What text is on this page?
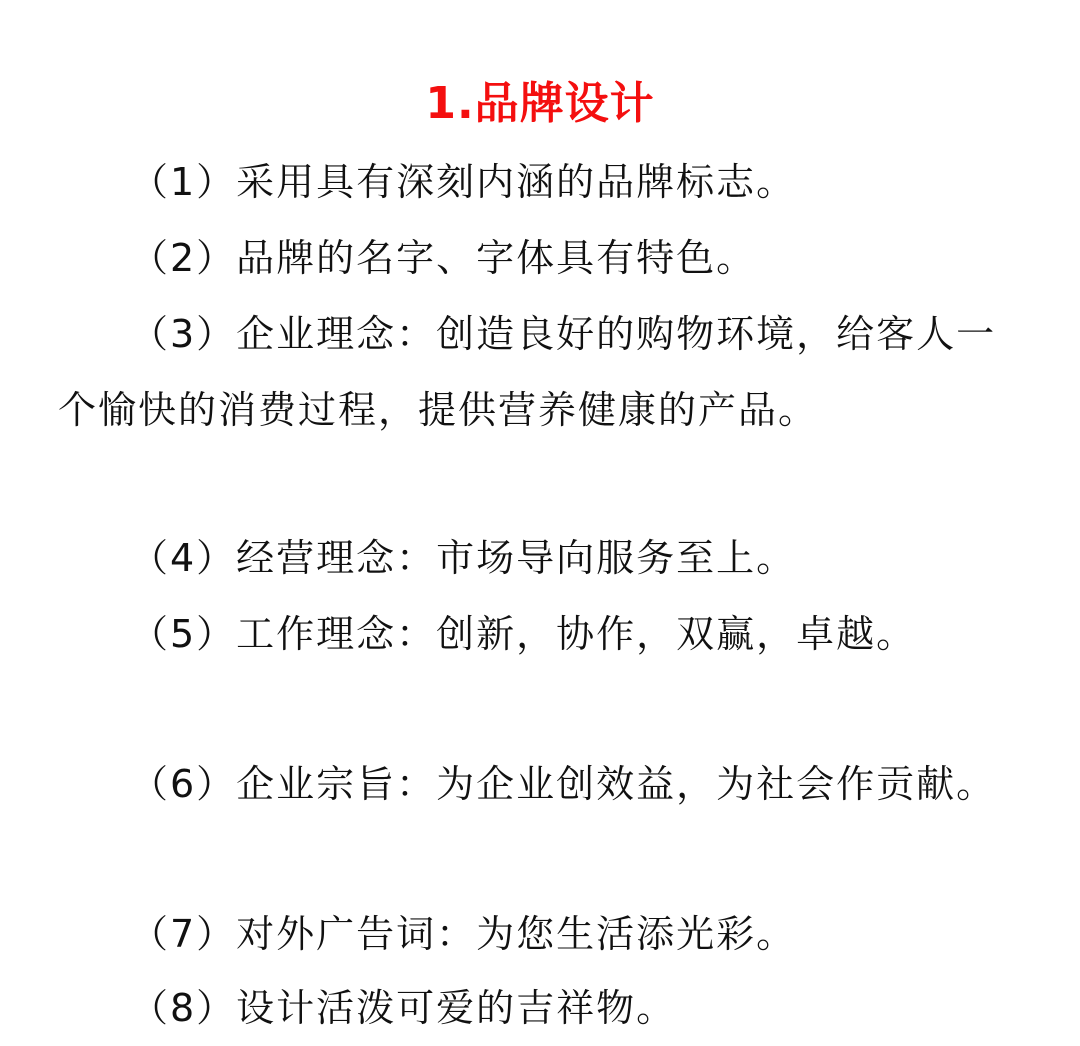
1.品牌设计

（1）采用具有深刻内涵的品牌标志。

（2）品牌的名字、字体具有特色。

（3）企业理念：创造良好的购物环境，给客人一个愉快的消费过程，提供营养健康的产品。

（4）经营理念：市场导向服务至上。

（5）工作理念：创新，协作，双赢，卓越。

（6）企业宗旨：为企业创效益，为社会作贡献。

（7）对外广告词：为您生活添光彩。

（8）设计活泼可爱的吉祥物。
